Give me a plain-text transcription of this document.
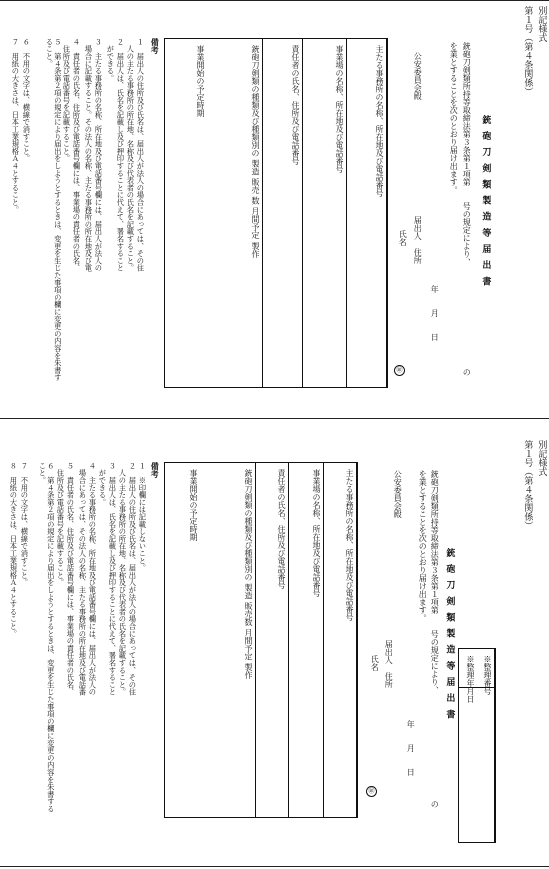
別記様式
第１号（第４条関係）
銃 砲 刀 剣 類 製 造 等 届 出 書
銃砲刀剣類所持等取締法第３条第１項第　　号の規定により、
を業とすることを次のとおり届け出ます。
の
年　　月　　日
公安委員会殿
届出人　住所
氏名
㊞
主たる事務所の名称、所在地及び電話番号
事業場の名称、所在地及び電話番号
責任者の氏名、住所及び電話番号
銃砲刀剣類の種類及び種類別の 製造 販売 数 月間予定 製作
事業開始の予定時期
備考
１　届出人の住所及び氏名は、届出人が法人の場合にあっては、その住
　人の主たる事務所の所在地、名称及び代表者の氏名を記載すること。
２　届出人は、氏名を記載し及び押印することに代えて、署名すること
　ができる。
３　主たる事務所の名称、所在地及び電話番号欄には、届出人が法人の
　場合に記載すること。その法人の名称、主たる事務所の所在地及び電
４　責任者の氏名、住所及び電話番号欄には、事業場の責任者の氏名、
　住所及び電話番号を記載すること。
５　第４条第２項の規定により届出をしようとするときは、変更を生じた事項の欄に変更の内容を朱書すること。
６　不用の文字は、横線で消すこと。
７　用紙の大きさは、日本工業規格Ａ４とすること。
別記様式
第１号（第４条関係）
※整理番号
※整理年月日
銃 砲 刀 剣 類 製 造 等 届 出 書
銃砲刀剣類所持等取締法第３条第１項第　　号の規定により、
を業とすることを次のとおり届け出ます。
の
年　　月　　日
公安委員会殿
届出人　住所
氏名
㊞
主たる事務所の名称、所在地及び電話番号
事業場の名称、所在地及び電話番号
責任者の氏名、住所及び電話番号
銃砲刀剣類の種類及び種類別の 製造 販売数 月間予定 製作
事業開始の予定時期
備考
１　※印欄には記載しないこと。
２　届出人の住所及び氏名は、届出人が法人の場合にあっては、その住
　人の主たる事務所の所在地、名称及び代表者の氏名を記載すること。
３　届出人は、氏名を記載し及び押印することに代えて、署名すること
　ができる。
４　主たる事務所の名称、所在地及び電話番号欄には、届出人が法人の
　場合にあっては、その法人の名称、主たる事務所の所在地及び電話番
５　責任者の氏名、住所及び電話番号欄には、事業場の責任者の氏名、
　住所及び電話番号を記載すること。
６　第４条第２項の規定により届出をしようとするときは、変更を生じた事項の欄に変更の内容を朱書すること。
７　不用の文字は、横線で消すこと。
８　用紙の大きさは、日本工業規格Ａ４とすること。
